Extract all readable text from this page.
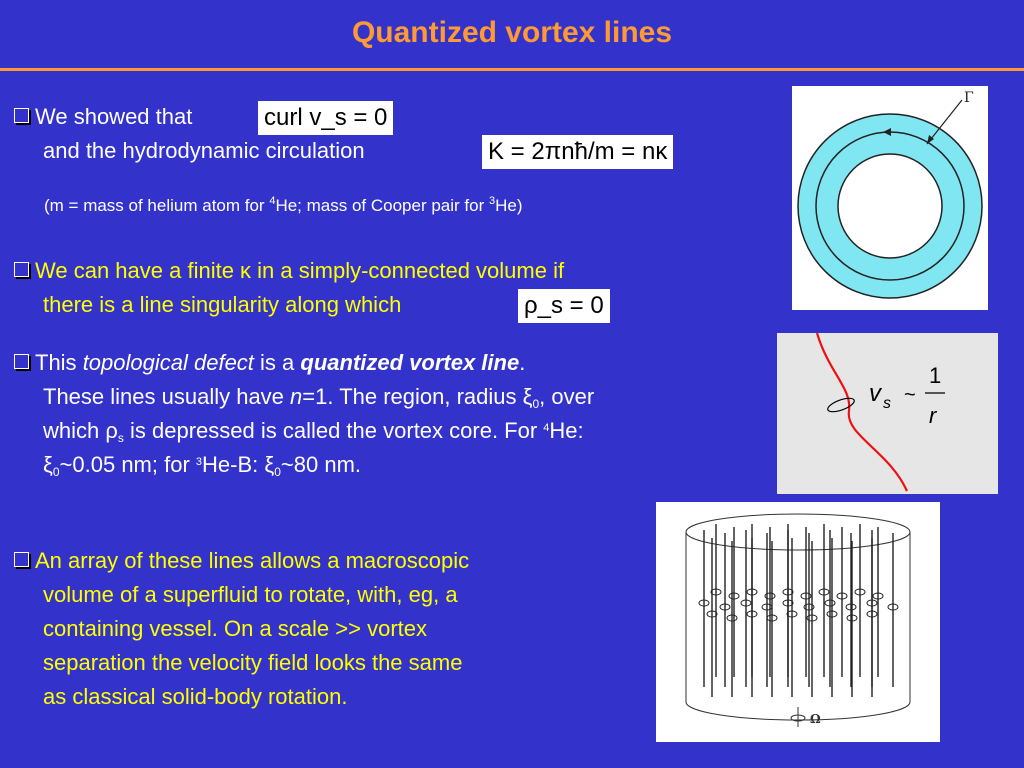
Quantized vortex lines
We showed that
and the hydrodynamic circulation
curl v_s = 0
K = 2πnħ/m = nκ
(m = mass of helium atom for $^4$He; mass of Cooper pair for $^3$He)
We can have a finite κ in a simply-connected volume if
there is a line singularity along which	ρ_s = 0
This topological defect is a quantized vortex line.
These lines usually have n=1. The region, radius $\xi_0$, over
which $\rho_s$ is depressed is called the vortex core. For $^4$He:
$\xi_0\sim 0.05$ nm; for $^3$He-B: $\xi_0\sim 80$ nm.
An array of these lines allows a macroscopic
volume of a superfluid to rotate, with, eg, a
containing vessel. On a scale >> vortex
separation the velocity field looks the same
as classical solid-body rotation.
Γ
v s ~
1
r
Ω
